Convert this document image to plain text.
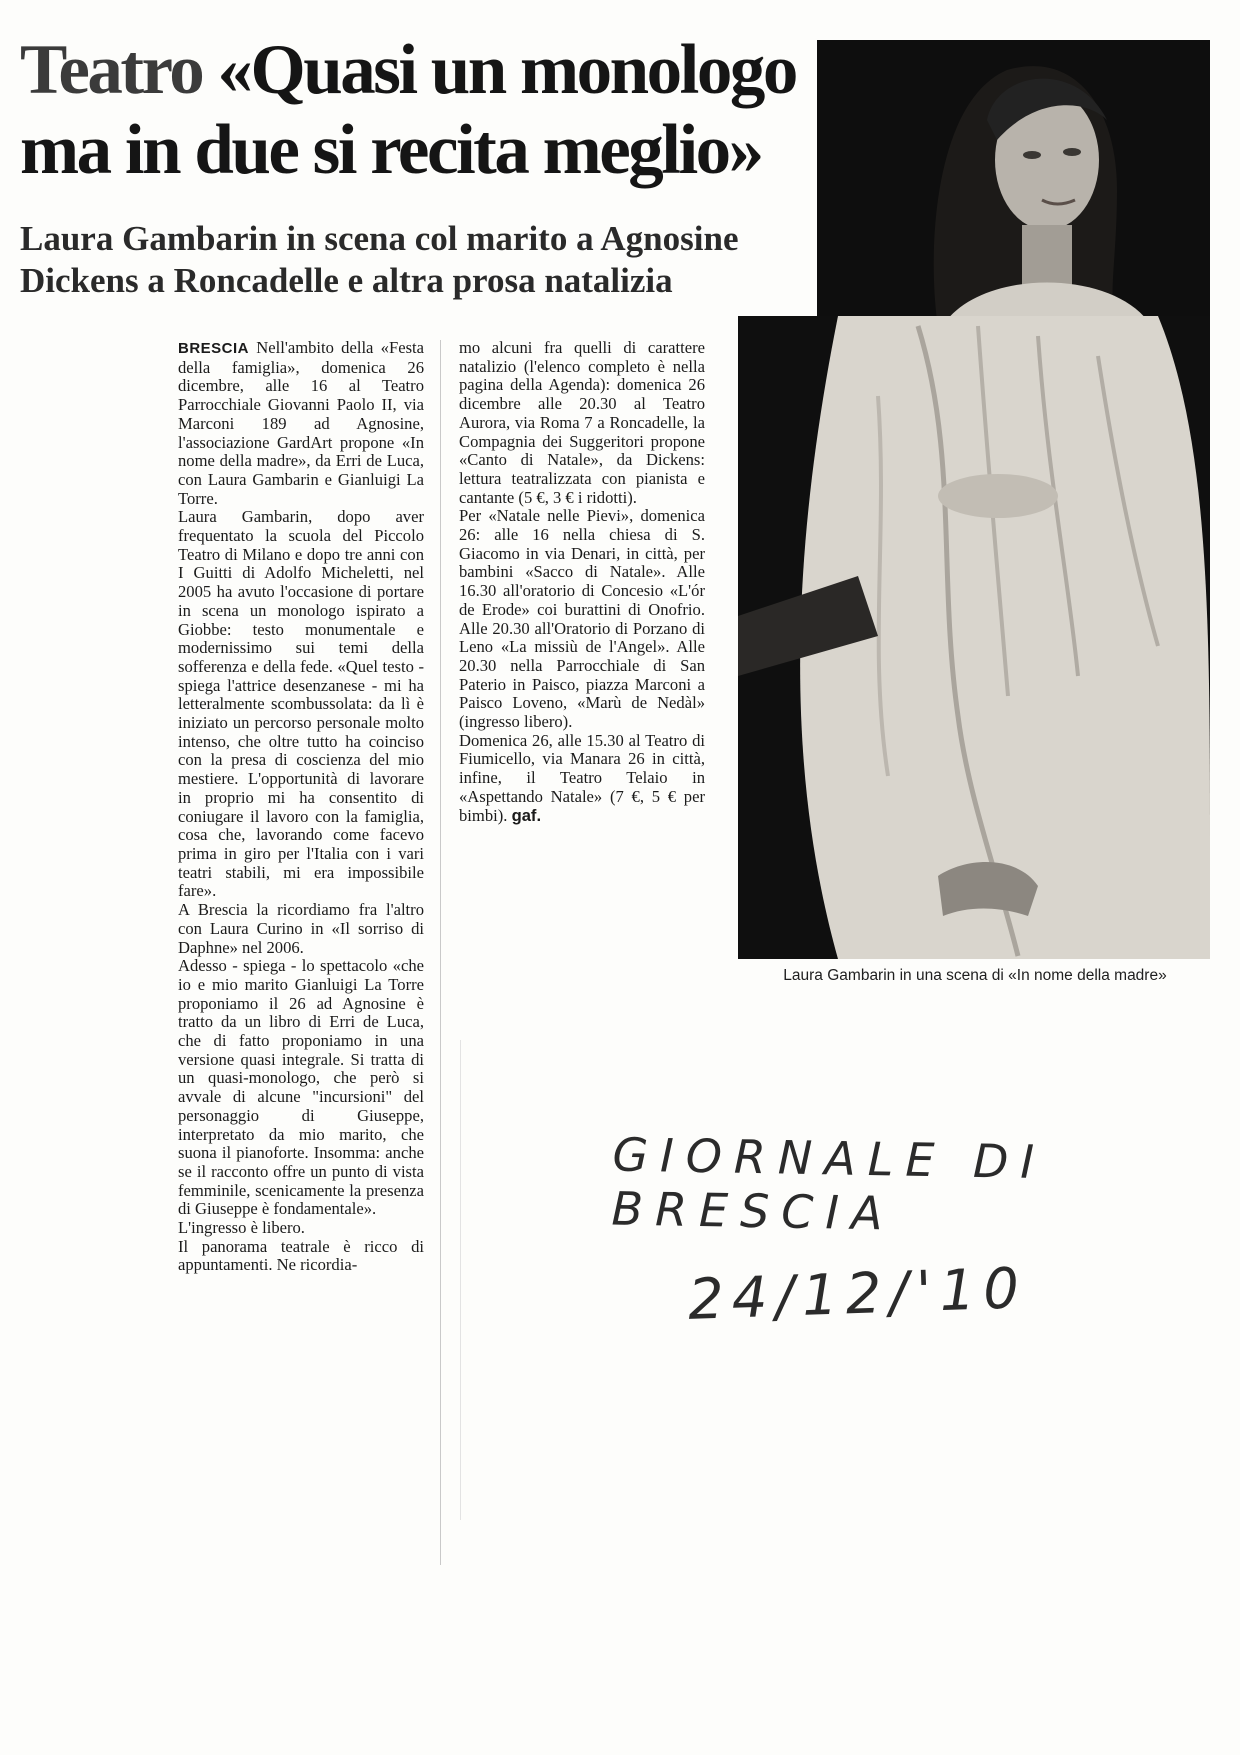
Teatro «Quasi un monologo
ma in due si recita meglio»
Laura Gambarin in scena col marito a Agnosine
Dickens a Roncadelle e altra prosa natalizia
Laura Gambarin in una scena di «In nome della madre»

BRESCIA Nell'ambito della «Festa della famiglia», domenica 26 dicembre, alle 16 al Teatro Parrocchiale Giovanni Paolo II, via Marconi 189 ad Agnosine, l'associazione GardArt propone «In nome della madre», da Erri de Luca, con Laura Gambarin e Gianluigi La Torre.

Laura Gambarin, dopo aver frequentato la scuola del Piccolo Teatro di Milano e dopo tre anni con I Guitti di Adolfo Micheletti, nel 2005 ha avuto l'occasione di portare in scena un monologo ispirato a Giobbe: testo monumentale e modernissimo sui temi della sofferenza e della fede. «Quel testo - spiega l'attrice desenzanese - mi ha letteralmente scombussolata: da lì è iniziato un percorso personale molto intenso, che oltre tutto ha coinciso con la presa di coscienza del mio mestiere. L'opportunità di lavorare in proprio mi ha consentito di coniugare il lavoro con la famiglia, cosa che, lavorando come facevo prima in giro per l'Italia con i vari teatri stabili, mi era impossibile fare».

A Brescia la ricordiamo fra l'altro con Laura Curino in «Il sorriso di Daphne» nel 2006.

Adesso - spiega - lo spettacolo «che io e mio marito Gianluigi La Torre proponiamo il 26 ad Agnosine è tratto da un libro di Erri de Luca, che di fatto proponiamo in una versione quasi integrale. Si tratta di un quasi-monologo, che però si avvale di alcune "incursioni" del personaggio di Giuseppe, interpretato da mio marito, che suona il pianoforte. Insomma: anche se il racconto offre un punto di vista femminile, scenicamente la presenza di Giuseppe è fondamentale».

L'ingresso è libero.

Il panorama teatrale è ricco di appuntamenti. Ne ricordia-

mo alcuni fra quelli di carattere natalizio (l'elenco completo è nella pagina della Agenda): domenica 26 dicembre alle 20.30 al Teatro Aurora, via Roma 7 a Roncadelle, la Compagnia dei Suggeritori propone «Canto di Natale», da Dickens: lettura teatralizzata con pianista e cantante (5 €, 3 € i ridotti).

Per «Natale nelle Pievi», domenica 26: alle 16 nella chiesa di S. Giacomo in via Denari, in città, per bambini «Sacco di Natale». Alle 16.30 all'oratorio di Concesio «L'ór de Erode» coi burattini di Onofrio. Alle 20.30 all'Oratorio di Porzano di Leno «La missiù de l'Angel». Alle 20.30 nella Parrocchiale di San Paterio in Paisco, piazza Marconi a Paisco Loveno, «Marù de Nedàl» (ingresso libero).

Domenica 26, alle 15.30 al Teatro di Fiumicello, via Manara 26 in città, infine, il Teatro Telaio in «Aspettando Natale» (7 €, 5 € per bimbi). gaf.

GIORNALE DI BRESCIA
24/12/'10
